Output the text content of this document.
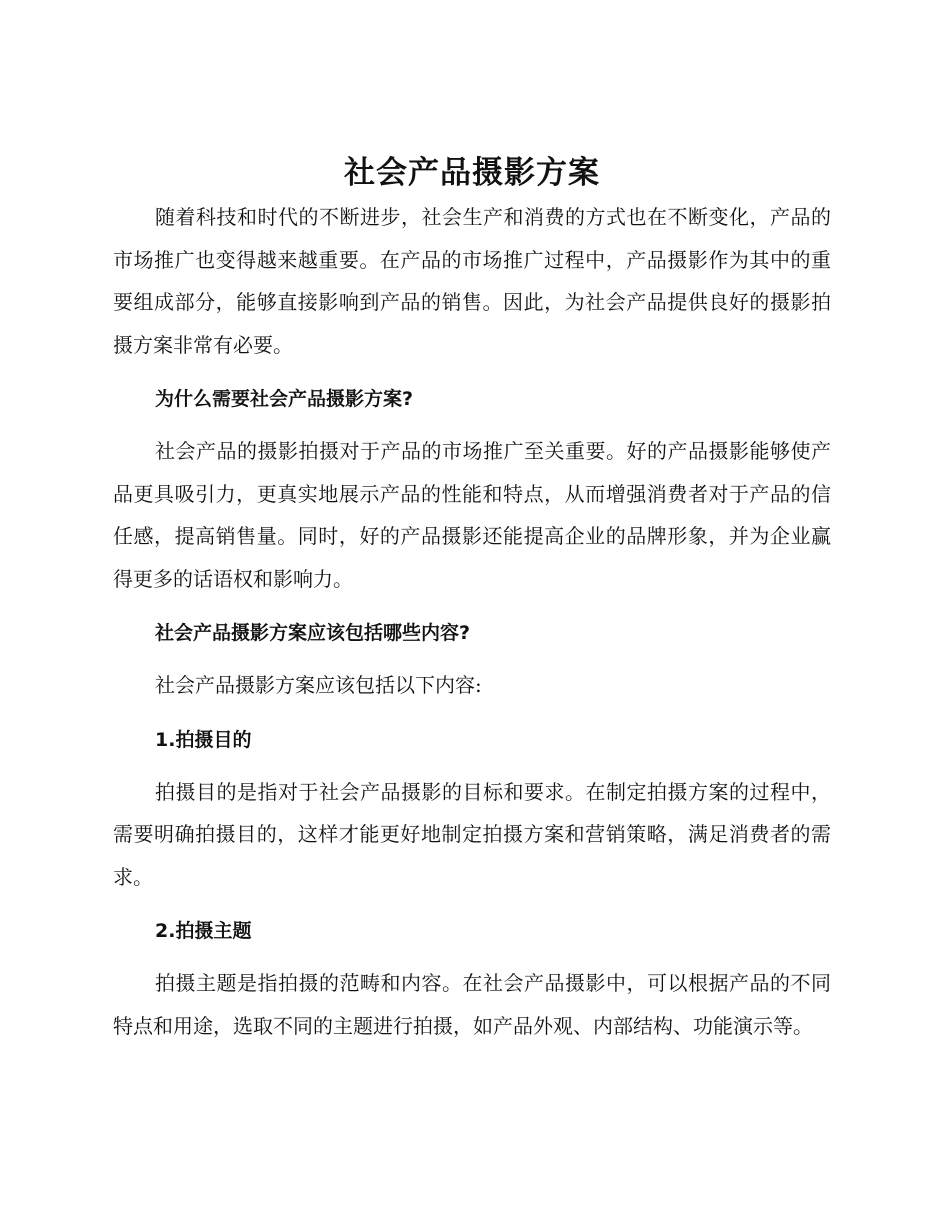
社会产品摄影方案

随着科技和时代的不断进步，社会生产和消费的方式也在不断变化，产品的市场推广也变得越来越重要。在产品的市场推广过程中，产品摄影作为其中的重要组成部分，能够直接影响到产品的销售。因此，为社会产品提供良好的摄影拍摄方案非常有必要。

为什么需要社会产品摄影方案?

社会产品的摄影拍摄对于产品的市场推广至关重要。好的产品摄影能够使产品更具吸引力，更真实地展示产品的性能和特点，从而增强消费者对于产品的信任感，提高销售量。同时，好的产品摄影还能提高企业的品牌形象，并为企业赢得更多的话语权和影响力。

社会产品摄影方案应该包括哪些内容?

社会产品摄影方案应该包括以下内容:

1.拍摄目的

拍摄目的是指对于社会产品摄影的目标和要求。在制定拍摄方案的过程中，需要明确拍摄目的，这样才能更好地制定拍摄方案和营销策略，满足消费者的需求。

2.拍摄主题

拍摄主题是指拍摄的范畴和内容。在社会产品摄影中，可以根据产品的不同特点和用途，选取不同的主题进行拍摄，如产品外观、内部结构、功能演示等。
